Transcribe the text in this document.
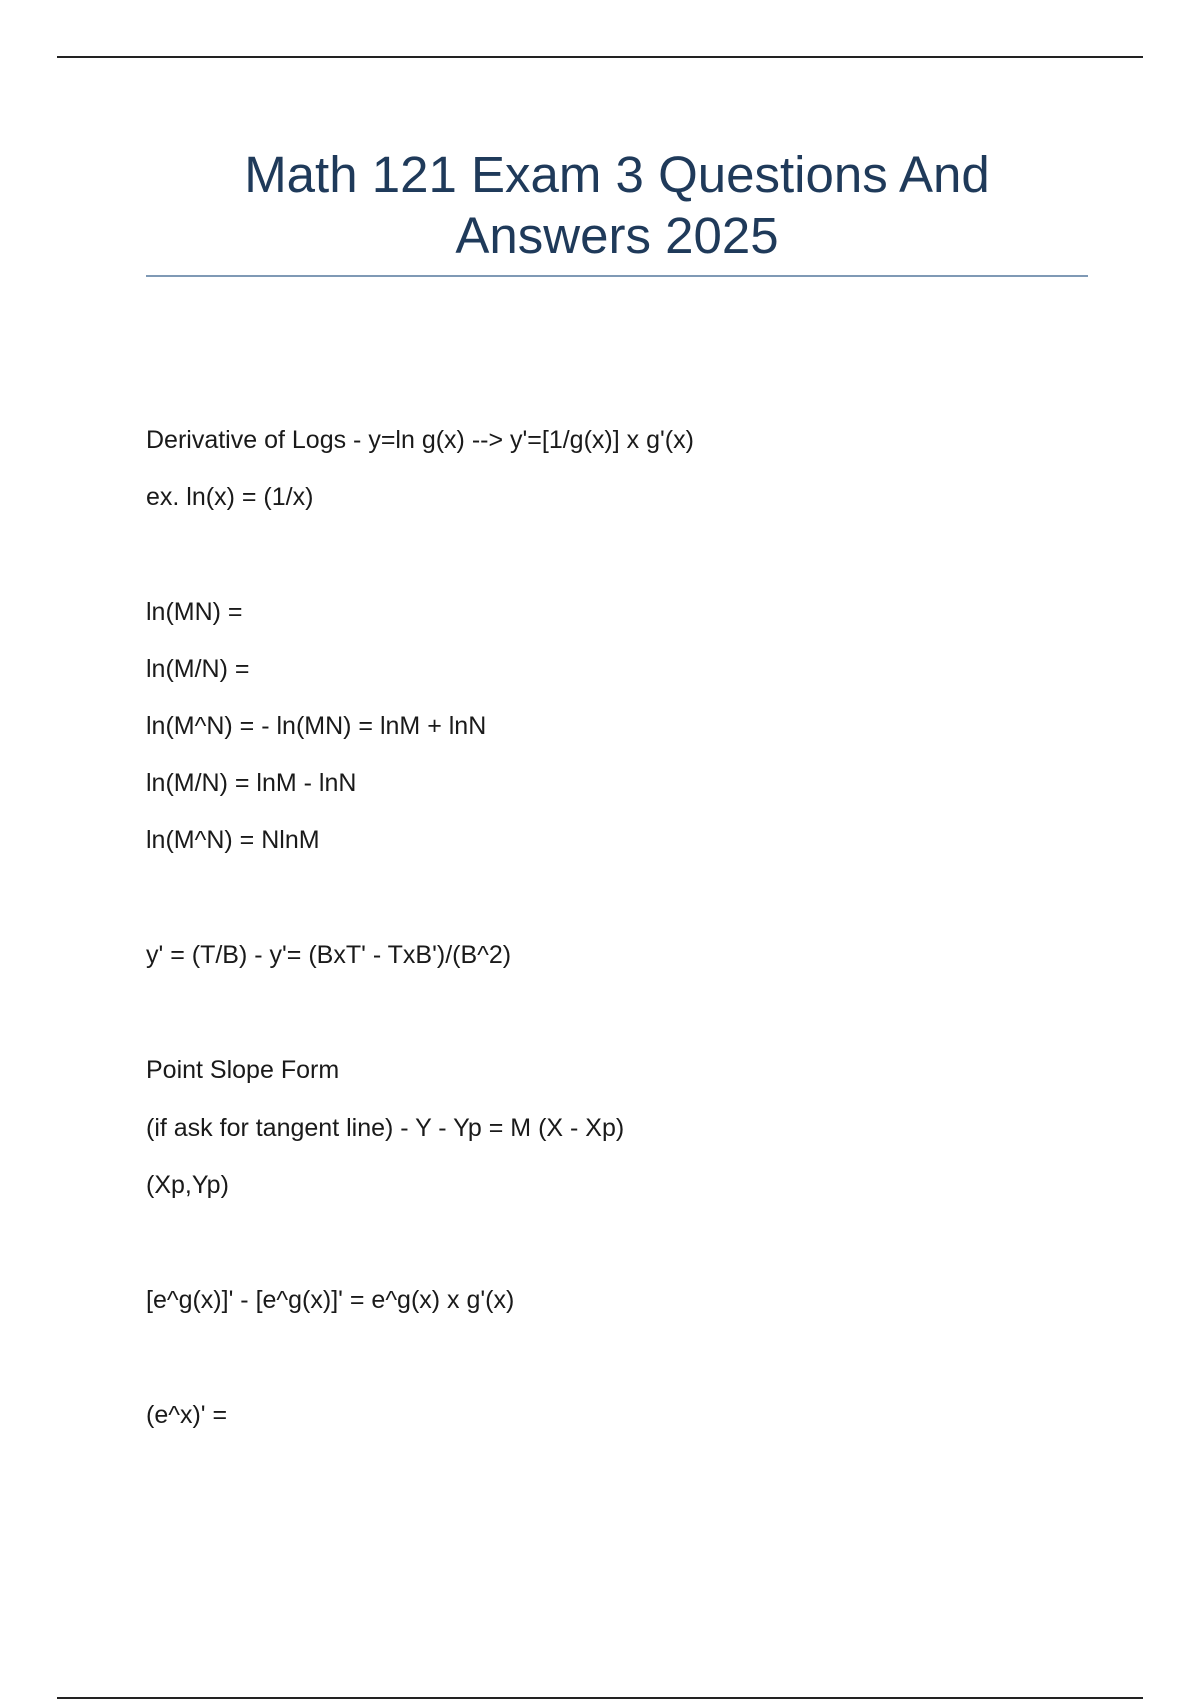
Math 121 Exam 3 Questions And
Answers 2025
Derivative of Logs - y=ln g(x) --> y'=[1/g(x)] x g'(x)
ex. ln(x) = (1/x)
ln(MN) =
ln(M/N) =
ln(M^N) = - ln(MN) = lnM + lnN
ln(M/N) = lnM - lnN
ln(M^N) = NlnM
y' = (T/B) - y'= (BxT' - TxB')/(B^2)
Point Slope Form
(if ask for tangent line) - Y - Yp = M (X - Xp)
(Xp,Yp)
[e^g(x)]' - [e^g(x)]' = e^g(x) x g'(x)
(e^x)' =
